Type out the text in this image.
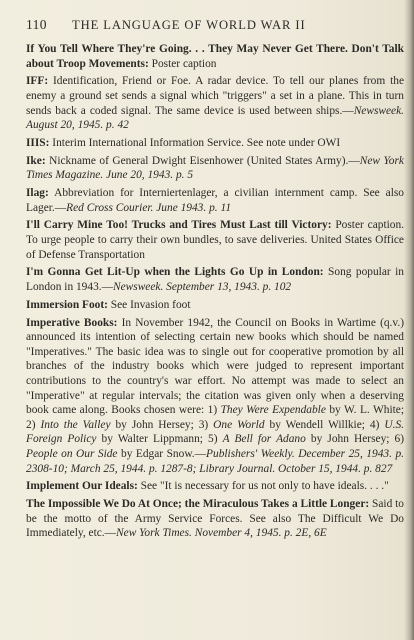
110	THE LANGUAGE OF WORLD WAR II

If You Tell Where They're Going. . . They May Never Get There. Don't Talk about Troop Movements: Poster caption

IFF: Identification, Friend or Foe. A radar device. To tell our planes from the enemy a ground set sends a signal which "triggers" a set in a plane. This in turn sends back a coded signal. The same device is used between ships.—Newsweek. August 20, 1945. p. 42

IIIS: Interim International Information Service. See note under OWI

Ike: Nickname of General Dwight Eisenhower (United States Army).—New York Times Magazine. June 20, 1943. p. 5

Ilag: Abbreviation for Interniertenlager, a civilian internment camp. See also Lager.—Red Cross Courier. June 1943. p. 11

I'll Carry Mine Too! Trucks and Tires Must Last till Victory: Poster caption. To urge people to carry their own bundles, to save deliveries. United States Office of Defense Transportation

I'm Gonna Get Lit-Up when the Lights Go Up in London: Song popular in London in 1943.—Newsweek. September 13, 1943. p. 102

Immersion Foot: See Invasion foot

Imperative Books: In November 1942, the Council on Books in Wartime (q.v.) announced its intention of selecting certain new books which should be named "Imperatives." The basic idea was to single out for cooperative promotion by all branches of the industry books which were judged to represent important contributions to the country's war effort. No attempt was made to select an "Imperative" at regular intervals; the citation was given only when a deserving book came along. Books chosen were: 1) They Were Expendable by W. L. White; 2) Into the Valley by John Hersey; 3) One World by Wendell Willkie; 4) U.S. Foreign Policy by Walter Lippmann; 5) A Bell for Adano by John Hersey; 6) People on Our Side by Edgar Snow.—Publishers' Weekly. December 25, 1943. p. 2308-10; March 25, 1944. p. 1287-8; Library Journal. October 15, 1944. p. 827

Implement Our Ideals: See "It is necessary for us not only to have ideals. . . ."

The Impossible We Do At Once; the Miraculous Takes a Little Longer: Said to be the motto of the Army Service Forces. See also The Difficult We Do Immediately, etc.—New York Times. November 4, 1945. p. 2E, 6E
